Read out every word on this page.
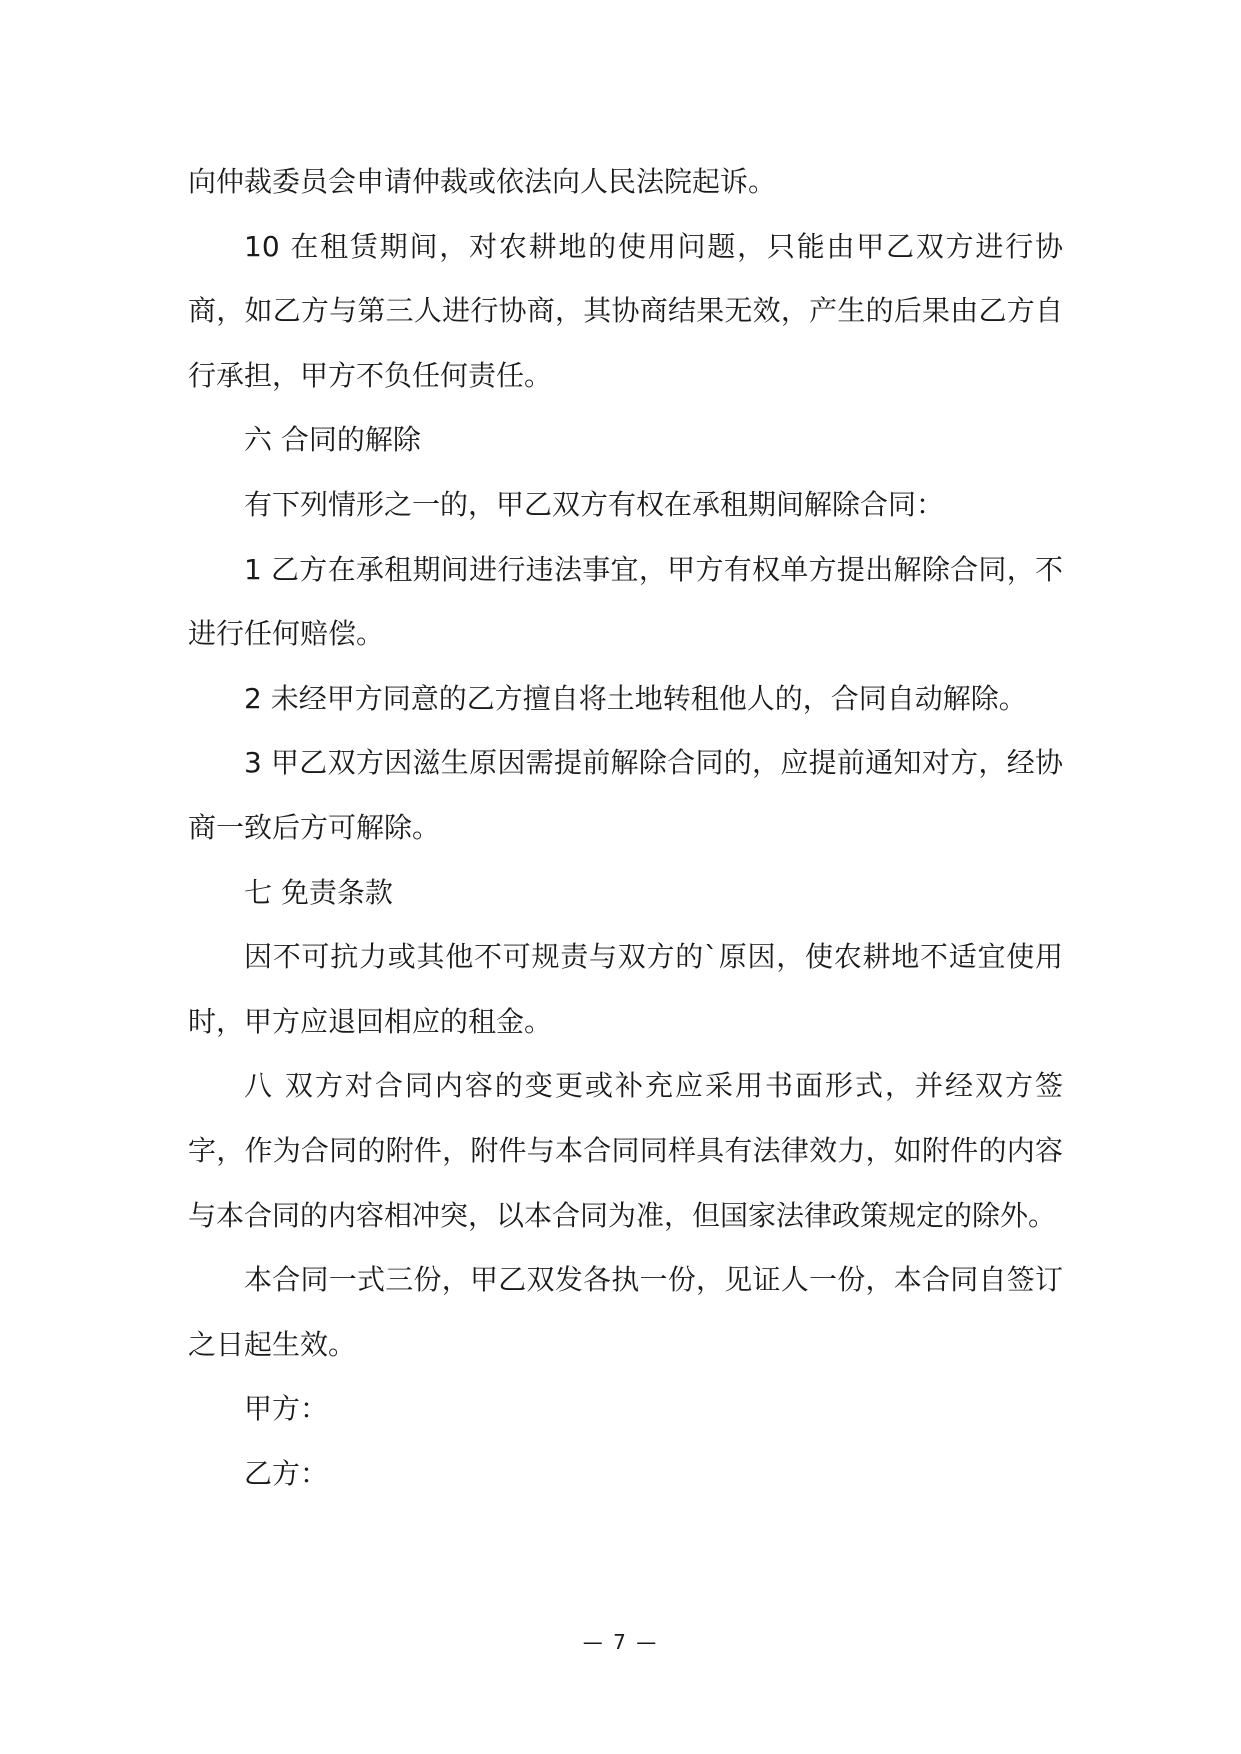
向仲裁委员会申请仲裁或依法向人民法院起诉。

10 在租赁期间，对农耕地的使用问题，只能由甲乙双方进行协商，如乙方与第三人进行协商，其协商结果无效，产生的后果由乙方自行承担，甲方不负任何责任。

六 合同的解除

有下列情形之一的，甲乙双方有权在承租期间解除合同：

1 乙方在承租期间进行违法事宜，甲方有权单方提出解除合同，不进行任何赔偿。

2 未经甲方同意的乙方擅自将土地转租他人的，合同自动解除。

3 甲乙双方因滋生原因需提前解除合同的，应提前通知对方，经协商一致后方可解除。

七 免责条款

因不可抗力或其他不可规责与双方的`原因，使农耕地不适宜使用时，甲方应退回相应的租金。

八 双方对合同内容的变更或补充应采用书面形式，并经双方签字，作为合同的附件，附件与本合同同样具有法律效力，如附件的内容与本合同的内容相冲突，以本合同为准，但国家法律政策规定的除外。

本合同一式三份，甲乙双发各执一份，见证人一份，本合同自签订之日起生效。

甲方：

乙方：

— 7 —
